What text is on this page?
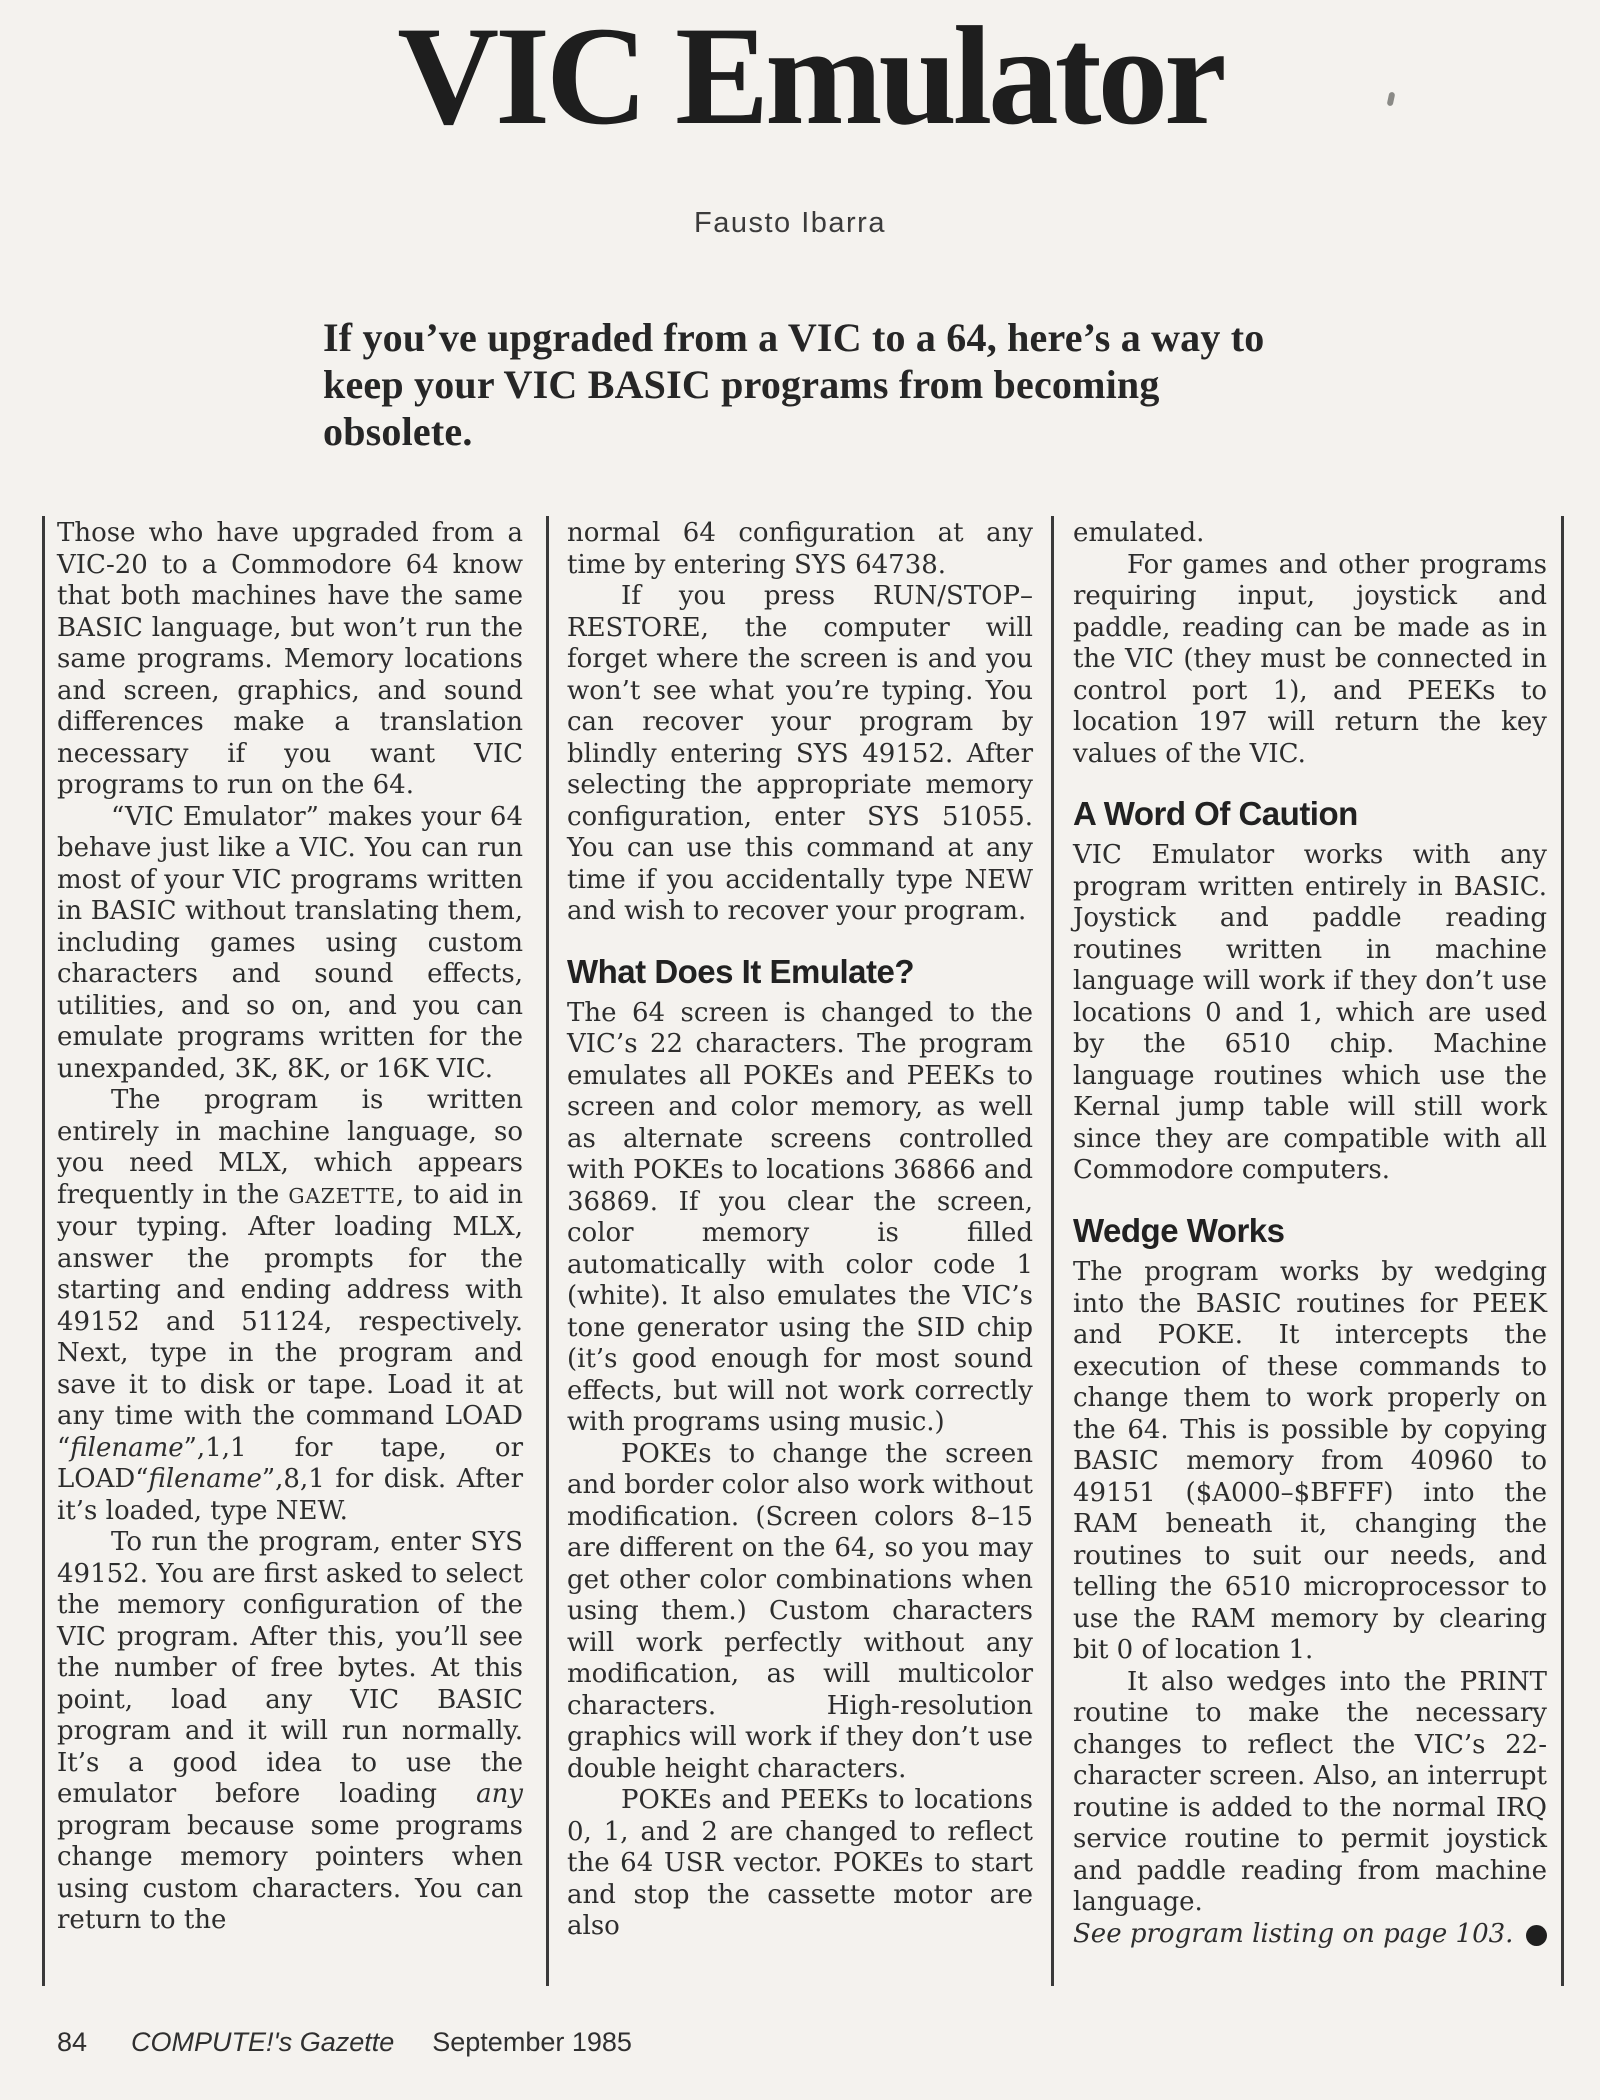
VIC Emulator
Fausto Ibarra
If you’ve upgraded from a VIC to a 64, here’s a way to keep your VIC BASIC programs from becoming obsolete.

Those who have upgraded from a VIC-20 to a Commodore 64 know that both machines have the same BASIC language, but won’t run the same programs. Memory locations and screen, graphics, and sound differences make a translation necessary if you want VIC programs to run on the 64.

“VIC Emulator” makes your 64 behave just like a VIC. You can run most of your VIC programs written in BASIC without translating them, including games using custom characters and sound effects, utilities, and so on, and you can emulate programs written for the unexpanded, 3K, 8K, or 16K VIC.

The program is written entirely in machine language, so you need MLX, which appears frequently in the GAZETTE, to aid in your typing. After loading MLX, answer the prompts for the starting and ending address with 49152 and 51124, respectively. Next, type in the program and save it to disk or tape. Load it at any time with the command LOAD “filename”,1,1 for tape, or LOAD“filename”,8,1 for disk. After it’s loaded, type NEW.

To run the program, enter SYS 49152. You are first asked to select the memory configuration of the VIC program. After this, you’ll see the number of free bytes. At this point, load any VIC BASIC program and it will run normally. It’s a good idea to use the emulator before loading any program because some programs change memory pointers when using custom characters. You can return to the

normal 64 configuration at any time by entering SYS 64738.

If you press RUN/STOP–RESTORE, the computer will forget where the screen is and you won’t see what you’re typing. You can recover your program by blindly entering SYS 49152. After selecting the appropriate memory configuration, enter SYS 51055. You can use this command at any time if you accidentally type NEW and wish to recover your program.

What Does It Emulate?

The 64 screen is changed to the VIC’s 22 characters. The program emulates all POKEs and PEEKs to screen and color memory, as well as alternate screens controlled with POKEs to locations 36866 and 36869. If you clear the screen, color memory is filled automatically with color code 1 (white). It also emulates the VIC’s tone generator using the SID chip (it’s good enough for most sound effects, but will not work correctly with programs using music.)

POKEs to change the screen and border color also work without modification. (Screen colors 8–15 are different on the 64, so you may get other color combinations when using them.) Custom characters will work perfectly without any modification, as will multicolor characters. High-resolution graphics will work if they don’t use double height characters.

POKEs and PEEKs to locations 0, 1, and 2 are changed to reflect the 64 USR vector. POKEs to start and stop the cassette motor are also

emulated.

For games and other programs requiring input, joystick and paddle, reading can be made as in the VIC (they must be connected in control port 1), and PEEKs to location 197 will return the key values of the VIC.

A Word Of Caution

VIC Emulator works with any program written entirely in BASIC. Joystick and paddle reading routines written in machine language will work if they don’t use locations 0 and 1, which are used by the 6510 chip. Machine language routines which use the Kernal jump table will still work since they are compatible with all Commodore computers.

Wedge Works

The program works by wedging into the BASIC routines for PEEK and POKE. It intercepts the execution of these commands to change them to work properly on the 64. This is possible by copying BASIC memory from 40960 to 49151 ($A000–$BFFF) into the RAM beneath it, changing the routines to suit our needs, and telling the 6510 microprocessor to use the RAM memory by clearing bit 0 of location 1.

It also wedges into the PRINT routine to make the necessary changes to reflect the VIC’s 22-character screen. Also, an interrupt routine is added to the normal IRQ service routine to permit joystick and paddle reading from machine language.

See program listing on page 103.

84 COMPUTE!'s Gazette September 1985
